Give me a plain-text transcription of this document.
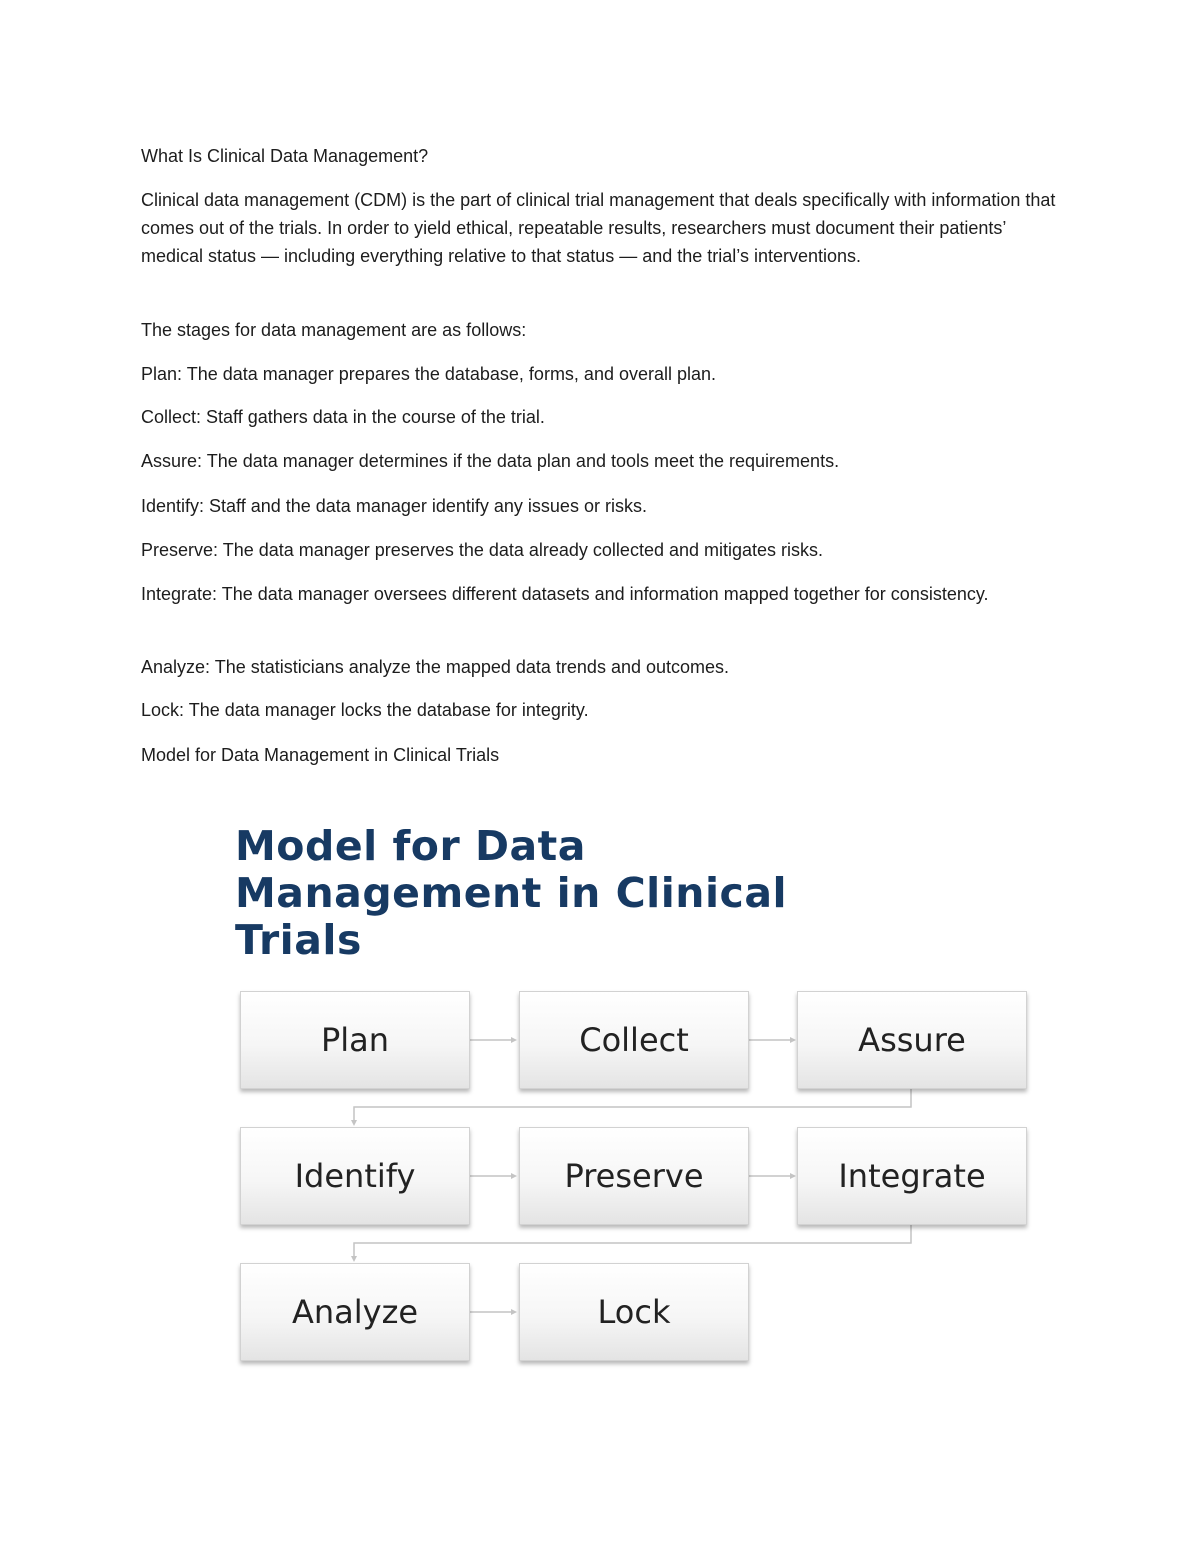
What Is Clinical Data Management?
Clinical data management (CDM) is the part of clinical trial management that deals specifically with information that comes out of the trials. In order to yield ethical, repeatable results, researchers must document their patients’ medical status — including everything relative to that status — and the trial’s interventions.
The stages for data management are as follows:
Plan: The data manager prepares the database, forms, and overall plan.
Collect: Staff gathers data in the course of the trial.
Assure: The data manager determines if the data plan and tools meet the requirements.
Identify: Staff and the data manager identify any issues or risks.
Preserve: The data manager preserves the data already collected and mitigates risks.
Integrate: The data manager oversees different datasets and information mapped together for consistency.
Analyze: The statisticians analyze the mapped data trends and outcomes.
Lock: The data manager locks the database for integrity.
Model for Data Management in Clinical Trials
Model for Data
Management in Clinical
Trials
Plan	Collect	Assure
Identify	Preserve	Integrate
Analyze	Lock
